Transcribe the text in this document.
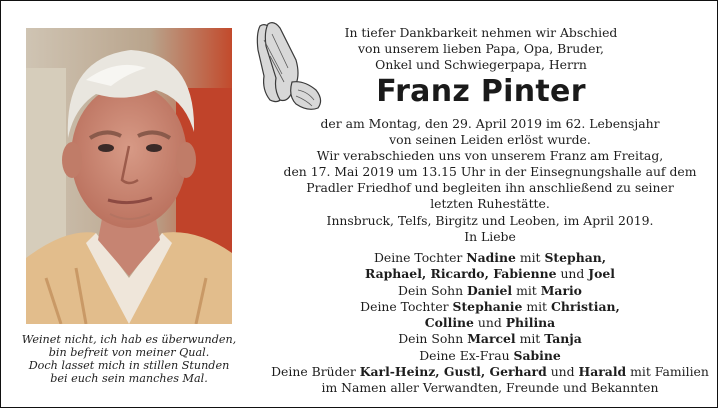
Weinet nicht, ich hab es überwunden,
bin befreit von meiner Qual.
Doch lasset mich in stillen Stunden
bei euch sein manches Mal.
In tiefer Dankbarkeit nehmen wir Abschied
von unserem lieben Papa, Opa, Bruder,
Onkel und Schwiegerpapa, Herrn
Franz Pinter
der am Montag, den 29. April 2019 im 62. Lebensjahr
von seinen Leiden erlöst wurde.
Wir verabschieden uns von unserem Franz am Freitag,
den 17. Mai 2019 um 13.15 Uhr in der Einsegnungshalle auf dem
Pradler Friedhof und begleiten ihn anschließend zu seiner
letzten Ruhestätte.
Innsbruck, Telfs, Birgitz und Leoben, im April 2019.
In Liebe
Deine Tochter Nadine mit Stephan,
Raphael, Ricardo, Fabienne und Joel
Dein Sohn Daniel mit Mario
Deine Tochter Stephanie mit Christian,
Colline und Philina
Dein Sohn Marcel mit Tanja
Deine Ex-Frau Sabine
Deine Brüder Karl-Heinz, Gustl, Gerhard und Harald mit Familien
im Namen aller Verwandten, Freunde und Bekannten
